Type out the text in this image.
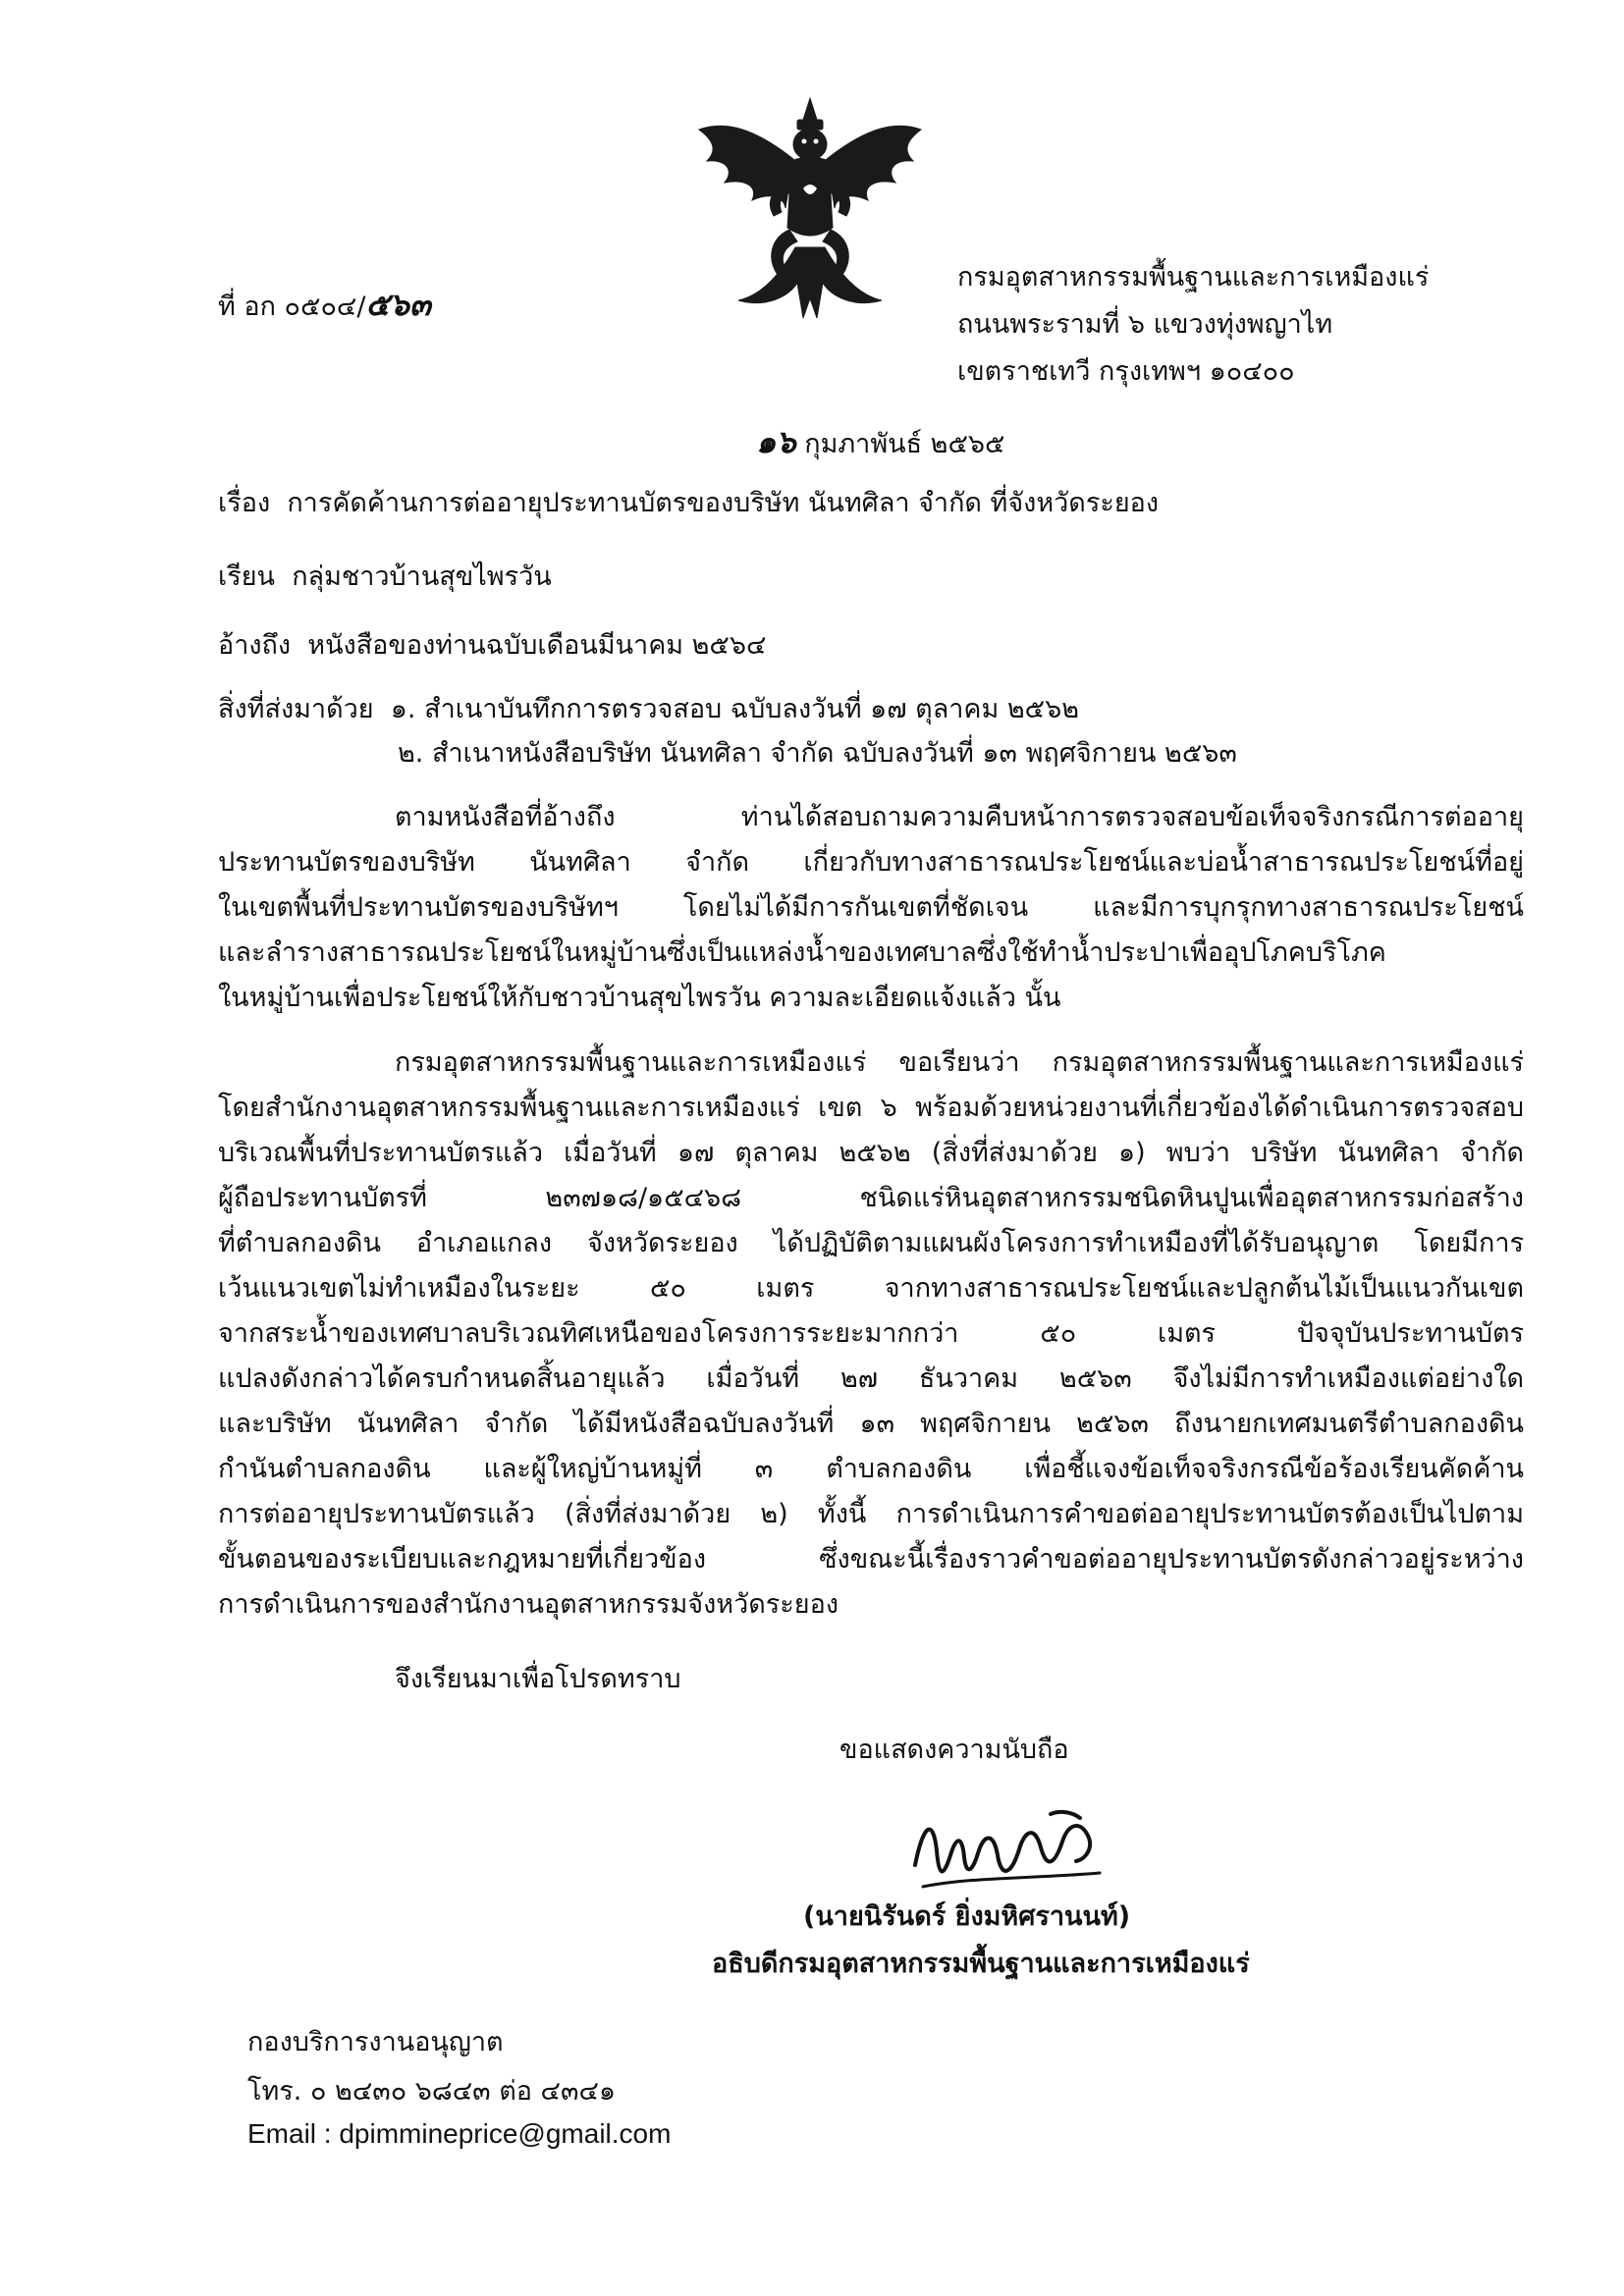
ที่ อก ๐๕๐๔/๕๖๓
กรมอุตสาหกรรมพื้นฐานและการเหมืองแร่
ถนนพระรามที่ ๖ แขวงทุ่งพญาไท
เขตราชเทวี กรุงเทพฯ ๑๐๔๐๐
๑๖ กุมภาพันธ์ ๒๕๖๕
เรื่อง การคัดค้านการต่ออายุประทานบัตรของบริษัท นันทศิลา จำกัด ที่จังหวัดระยอง
เรียน กลุ่มชาวบ้านสุขไพรวัน
อ้างถึง หนังสือของท่านฉบับเดือนมีนาคม ๒๕๖๔
สิ่งที่ส่งมาด้วย ๑. สำเนาบันทึกการตรวจสอบ ฉบับลงวันที่ ๑๗ ตุลาคม ๒๕๖๒
๒. สำเนาหนังสือบริษัท นันทศิลา จำกัด ฉบับลงวันที่ ๑๓ พฤศจิกายน ๒๕๖๓
ตามหนังสือที่อ้างถึง ท่านได้สอบถามความคืบหน้าการตรวจสอบข้อเท็จจริงกรณีการต่ออายุ
ประทานบัตรของบริษัท นันทศิลา จำกัด เกี่ยวกับทางสาธารณประโยชน์และบ่อน้ำสาธารณประโยชน์ที่อยู่
ในเขตพื้นที่ประทานบัตรของบริษัทฯ โดยไม่ได้มีการกันเขตที่ชัดเจน และมีการบุกรุกทางสาธารณประโยชน์
และลำรางสาธารณประโยชน์ในหมู่บ้านซึ่งเป็นแหล่งน้ำของเทศบาลซึ่งใช้ทำน้ำประปาเพื่ออุปโภคบริโภค
ในหมู่บ้านเพื่อประโยชน์ให้กับชาวบ้านสุขไพรวัน ความละเอียดแจ้งแล้ว นั้น
กรมอุตสาหกรรมพื้นฐานและการเหมืองแร่ ขอเรียนว่า กรมอุตสาหกรรมพื้นฐานและการเหมืองแร่
โดยสำนักงานอุตสาหกรรมพื้นฐานและการเหมืองแร่ เขต ๖ พร้อมด้วยหน่วยงานที่เกี่ยวข้องได้ดำเนินการตรวจสอบ
บริเวณพื้นที่ประทานบัตรแล้ว เมื่อวันที่ ๑๗ ตุลาคม ๒๕๖๒ (สิ่งที่ส่งมาด้วย ๑) พบว่า บริษัท นันทศิลา จำกัด
ผู้ถือประทานบัตรที่ ๒๓๗๑๘/๑๕๔๖๘ ชนิดแร่หินอุตสาหกรรมชนิดหินปูนเพื่ออุตสาหกรรมก่อสร้าง
ที่ตำบลกองดิน อำเภอแกลง จังหวัดระยอง ได้ปฏิบัติตามแผนผังโครงการทำเหมืองที่ได้รับอนุญาต โดยมีการ
เว้นแนวเขตไม่ทำเหมืองในระยะ ๕๐ เมตร จากทางสาธารณประโยชน์และปลูกต้นไม้เป็นแนวกันเขต
จากสระน้ำของเทศบาลบริเวณทิศเหนือของโครงการระยะมากกว่า ๕๐ เมตร ปัจจุบันประทานบัตร
แปลงดังกล่าวได้ครบกำหนดสิ้นอายุแล้ว เมื่อวันที่ ๒๗ ธันวาคม ๒๕๖๓ จึงไม่มีการทำเหมืองแต่อย่างใด
และบริษัท นันทศิลา จำกัด ได้มีหนังสือฉบับลงวันที่ ๑๓ พฤศจิกายน ๒๕๖๓ ถึงนายกเทศมนตรีตำบลกองดิน
กำนันตำบลกองดิน และผู้ใหญ่บ้านหมู่ที่ ๓ ตำบลกองดิน เพื่อชี้แจงข้อเท็จจริงกรณีข้อร้องเรียนคัดค้าน
การต่ออายุประทานบัตรแล้ว (สิ่งที่ส่งมาด้วย ๒) ทั้งนี้ การดำเนินการคำขอต่ออายุประทานบัตรต้องเป็นไปตาม
ขั้นตอนของระเบียบและกฎหมายที่เกี่ยวข้อง ซึ่งขณะนี้เรื่องราวคำขอต่ออายุประทานบัตรดังกล่าวอยู่ระหว่าง
การดำเนินการของสำนักงานอุตสาหกรรมจังหวัดระยอง
จึงเรียนมาเพื่อโปรดทราบ
ขอแสดงความนับถือ
(นายนิรันดร์ ยิ่งมหิศรานนท์)
อธิบดีกรมอุตสาหกรรมพื้นฐานและการเหมืองแร่
กองบริการงานอนุญาต
โทร. ๐ ๒๔๓๐ ๖๘๔๓ ต่อ ๔๓๔๑
Email : dpimmineprice@gmail.com
